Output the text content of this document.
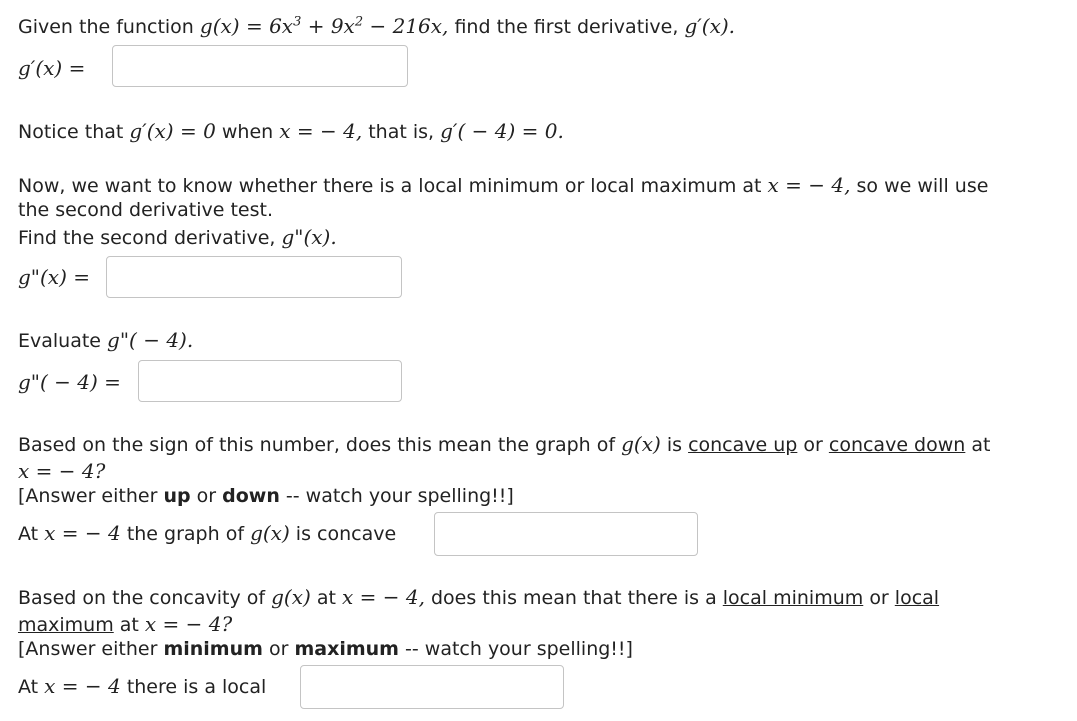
Given the function $g(x) = 6x^3 + 9x^2 - 216x$, find the first derivative, g′(x).
g′(x) =
Notice that g′(x) = 0 when x = − 4, that is, g′( − 4) = 0.
Now, we want to know whether there is a local minimum or local maximum at x = − 4, so we will use
the second derivative test.
Find the second derivative, g"(x).
g"(x) =
Evaluate g"( − 4).
g"( − 4) =
Based on the sign of this number, does this mean the graph of g(x) is concave up or concave down at
x = − 4?
[Answer either up or down -- watch your spelling!!]
At x = − 4 the graph of g(x) is concave
Based on the concavity of g(x) at x = − 4, does this mean that there is a local minimum or local
maximum at x = − 4?
[Answer either minimum or maximum -- watch your spelling!!]
At x = − 4 there is a local
